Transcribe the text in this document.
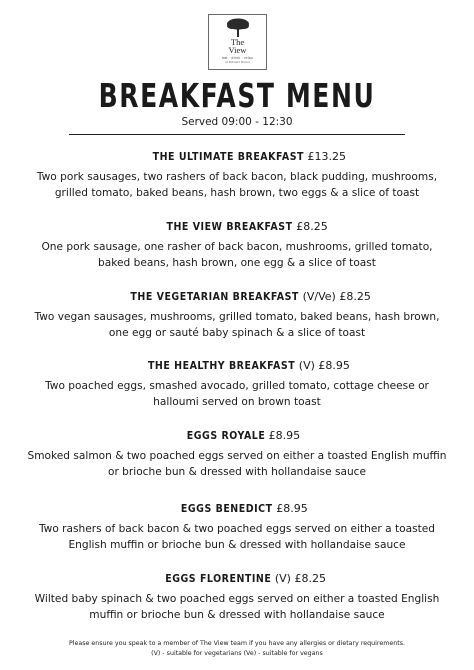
The
View
eat · drink · relax
at 366 Kent Marina
BREAKFAST MENU
Served 09:00 - 12:30
THE ULTIMATE BREAKFAST £13.25
Two pork sausages, two rashers of back bacon, black pudding, mushrooms, grilled tomato, baked beans, hash brown, two eggs & a slice of toast
THE VIEW BREAKFAST £8.25
One pork sausage, one rasher of back bacon, mushrooms, grilled tomato, baked beans, hash brown, one egg & a slice of toast
THE VEGETARIAN BREAKFAST (V/Ve) £8.25
Two vegan sausages, mushrooms, grilled tomato, baked beans, hash brown, one egg or sauté baby spinach & a slice of toast
THE HEALTHY BREAKFAST (V) £8.95
Two poached eggs, smashed avocado, grilled tomato, cottage cheese or halloumi served on brown toast
EGGS ROYALE £8.95
Smoked salmon & two poached eggs served on either a toasted English muffin or brioche bun & dressed with hollandaise sauce
EGGS BENEDICT £8.95
Two rashers of back bacon & two poached eggs served on either a toasted English muffin or brioche bun & dressed with hollandaise sauce
EGGS FLORENTINE (V) £8.25
Wilted baby spinach & two poached eggs served on either a toasted English muffin or brioche bun & dressed with hollandaise sauce
Please ensure you speak to a member of The View team if you have any allergies or dietary requirements.
(V) - suitable for vegetarians (Ve) - suitable for vegans
